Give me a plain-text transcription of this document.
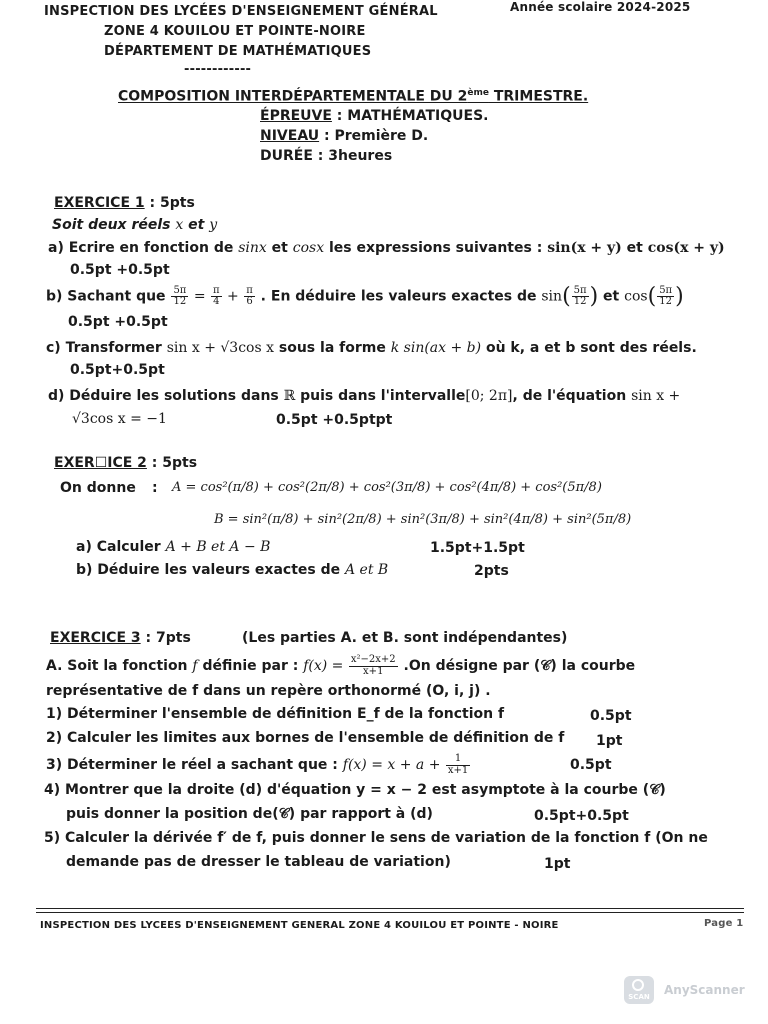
INSPECTION DES LYCÉES D'ENSEIGNEMENT GÉNÉRAL	Année scolaire 2024-2025
ZONE 4 KOUILOU ET POINTE-NOIRE
DÉPARTEMENT DE MATHÉMATIQUES
------------
COMPOSITION INTERDÉPARTEMENTALE DU 2ème TRIMESTRE.
ÉPREUVE : MATHÉMATIQUES.
NIVEAU : Première D.
DURÉE : 3heures
EXERCICE 1 : 5pts
Soit deux réels x et y
a) Ecrire en fonction de sinx et cosx les expressions suivantes : sin(x + y) et cos(x + y)
0.5pt +0.5pt
b) Sachant que $\frac{5\pi}{12} = \frac{\pi}{4} + \frac{\pi}{6}$ . En déduire les valeurs exactes de $\sin( \frac{5\pi}{12}$ ) et $\cos( \frac{5\pi}{12}$ )
0.5pt +0.5pt
c) Transformer sin x + √3cos x sous la forme k sin(ax + b) où k, a et b sont des réels.
0.5pt+0.5pt
d) Déduire les solutions dans ℝ puis dans l'intervalle[0; 2π], de l'équation sin x +
√3cos x = −1	0.5pt +0.5ptpt
EXER☐ICE 2 : 5pts
On donne : A = cos²(π/8) + cos²(2π/8) + cos²(3π/8) + cos²(4π/8) + cos²(5π/8)
B = sin²(π/8) + sin²(2π/8) + sin²(3π/8) + sin²(4π/8) + sin²(5π/8)
a) Calculer A + B et A − B	1.5pt+1.5pt
b) Déduire les valeurs exactes de A et B	2pts
EXERCICE 3 : 7pts	(Les parties A. et B. sont indépendantes)
A. Soit la fonction f définie par : $f(x) = \frac{\text{x²−2x+2}}{x+1} .On$ désigne par (𝒞) la courbe
représentative de f dans un repère orthonormé (O, i, j) .
1) Déterminer l'ensemble de définition E_f de la fonction f	0.5pt
2) Calculer les limites aux bornes de l'ensemble de définition de f 1pt
3) Déterminer le réel a sachant que : $f(x) = x + a + \frac{1}{x+1}$	0.5pt
4) Montrer que la droite (d) d'équation y = x − 2 est asymptote à la courbe (𝒞)
puis donner la position de(𝒞) par rapport à (d)	0.5pt+0.5pt
5) Calculer la dérivée f′ de f, puis donner le sens de variation de la fonction f (On ne
demande pas de dresser le tableau de variation)	1pt
INSPECTION DES LYCEES D'ENSEIGNEMENT GENERAL ZONE 4 KOUILOU ET POINTE - NOIRE	Page 1
SCAN	AnyScanner
